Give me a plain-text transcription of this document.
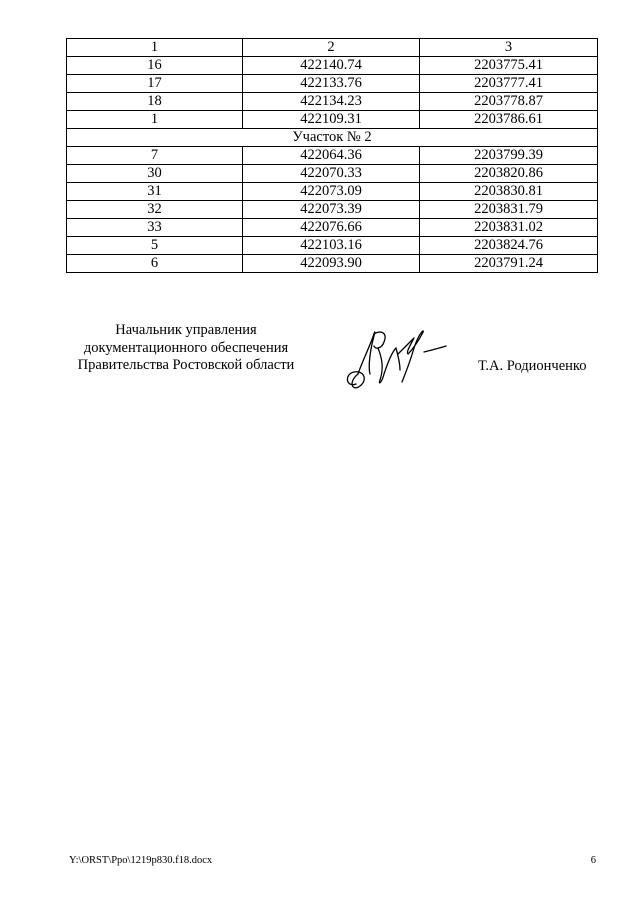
1	2	3
16	422140.74	2203775.41
17	422133.76	2203777.41
18	422134.23	2203778.87
1	422109.31	2203786.61
Участок № 2		
7	422064.36	2203799.39
30	422070.33	2203820.86
31	422073.09	2203830.81
32	422073.39	2203831.79
33	422076.66	2203831.02
5	422103.16	2203824.76
6	422093.90	2203791.24
Начальник управления
документационного обеспечения
Правительства Ростовской области	Т.А. Родионченко
Y:\ORST\Ppo\1219p830.f18.docx	6
